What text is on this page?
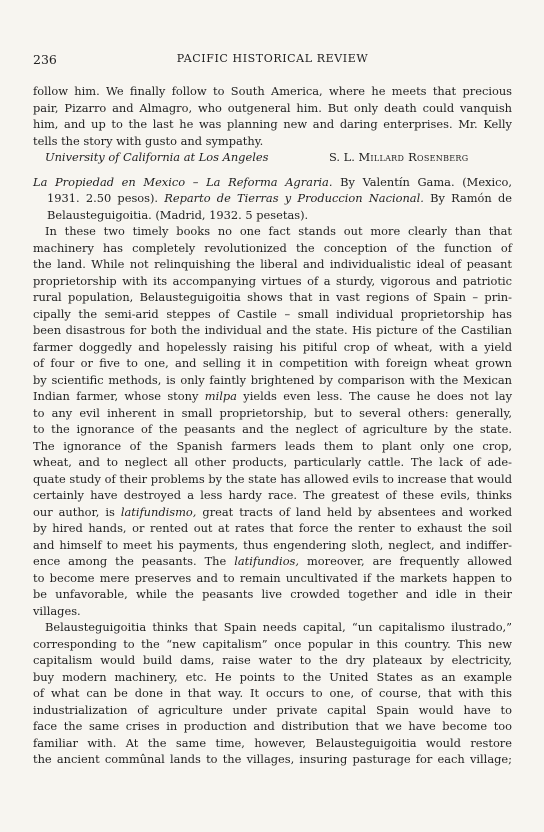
236	PACIFIC HISTORICAL REVIEW
follow him. We finally follow to South America, where he meets that precious
pair, Pizarro and Almagro, who outgeneral him. But only death could vanquish
him, and up to the last he was planning new and daring enterprises. Mr. Kelly
tells the story with gusto and sympathy.
University of California at Los Angeles	S. L. Millard Rosenberg
La Propiedad en Mexico – La Reforma Agraria. By Valentín Gama. (Mexico,
1931. 2.50 pesos). Reparto de Tierras y Produccion Nacional. By Ramón de
Belausteguigoitia. (Madrid, 1932. 5 pesetas).
In these two timely books no one fact stands out more clearly than that
machinery has completely revolutionized the conception of the function of
the land. While not relinquishing the liberal and individualistic ideal of peasant
proprietorship with its accompanying virtues of a sturdy, vigorous and patriotic
rural population, Belausteguigoitia shows that in vast regions of Spain – prin-
cipally the semi-arid steppes of Castile – small individual proprietorship has
been disastrous for both the individual and the state. His picture of the Castilian
farmer doggedly and hopelessly raising his pitiful crop of wheat, with a yield
of four or five to one, and selling it in competition with foreign wheat grown
by scientific methods, is only faintly brightened by comparison with the Mexican
Indian farmer, whose stony milpa yields even less. The cause he does not lay
to any evil inherent in small proprietorship, but to several others: generally,
to the ignorance of the peasants and the neglect of agriculture by the state.
The ignorance of the Spanish farmers leads them to plant only one crop,
wheat, and to neglect all other products, particularly cattle. The lack of ade-
quate study of their problems by the state has allowed evils to increase that would
certainly have destroyed a less hardy race. The greatest of these evils, thinks
our author, is latifundismo, great tracts of land held by absentees and worked
by hired hands, or rented out at rates that force the renter to exhaust the soil
and himself to meet his payments, thus engendering sloth, neglect, and indiffer-
ence among the peasants. The latifundios, moreover, are frequently allowed
to become mere preserves and to remain uncultivated if the markets happen to
be unfavorable, while the peasants live crowded together and idle in their
villages.
Belausteguigoitia thinks that Spain needs capital, “un capitalismo ilustrado,”
corresponding to the “new capitalism” once popular in this country. This new
capitalism would build dams, raise water to the dry plateaux by electricity,
buy modern machinery, etc. He points to the United States as an example
of what can be done in that way. It occurs to one, of course, that with this
industrialization of agriculture under private capital Spain would have to
face the same crises in production and distribution that we have become too
familiar with. At the same time, however, Belausteguigoitia would restore
the ancient commûnal lands to the villages, insuring pasturage for each village;
